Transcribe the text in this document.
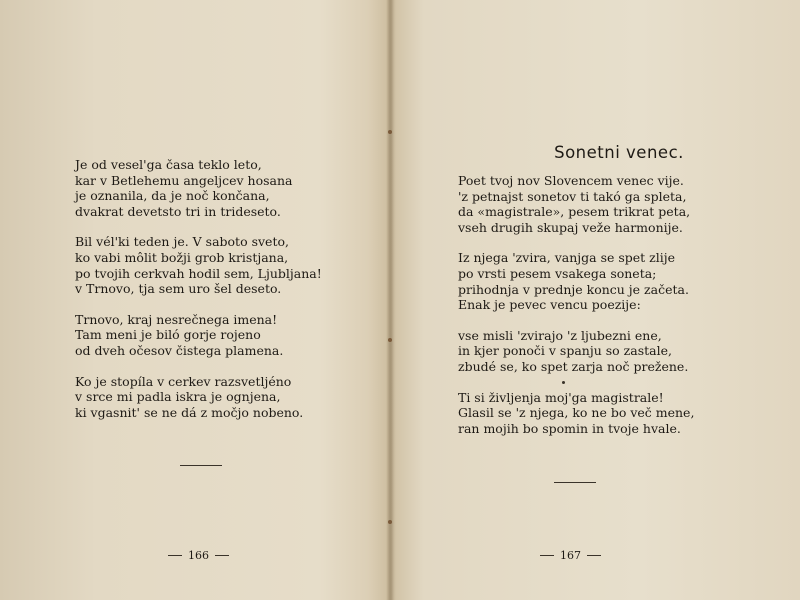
Je od vesel'ga časa teklo leto,
kar v Betlehemu angeljcev hosana
je oznanila, da je noč končana,
dvakrat devetsto tri in trideseto.
Bil vél'ki teden je. V saboto sveto,
ko vabi môlit božji grob kristjana,
po tvojih cerkvah hodil sem, Ljubljana!
v Trnovo, tja sem uro šel deseto.
Trnovo, kraj nesrečnega imena!
Tam meni je biló gorje rojeno
od dveh očesov čistega plamena.
Ko je stopíla v cerkev razsvetljéno
v srce mi padla iskra je ognjena,
ki vgasnit' se ne dá z močjo nobeno.
166
Sonetni venec.
Poet tvoj nov Slovencem venec vije.
'z petnajst sonetov ti takó ga spleta,
da «magistrale», pesem trikrat peta,
vseh drugih skupaj veže harmonije.
Iz njega 'zvira, vanjga se spet zlije
po vrsti pesem vsakega soneta;
prihodnja v prednje koncu je začeta.
Enak je pevec vencu poezije:
vse misli 'zvirajo 'z ljubezni ene,
in kjer ponoči v spanju so zastale,
zbudé se, ko spet zarja noč prežene.
Ti si življenja moj'ga magistrale!
Glasil se 'z njega, ko ne bo več mene,
ran mojih bo spomin in tvoje hvale.
167
